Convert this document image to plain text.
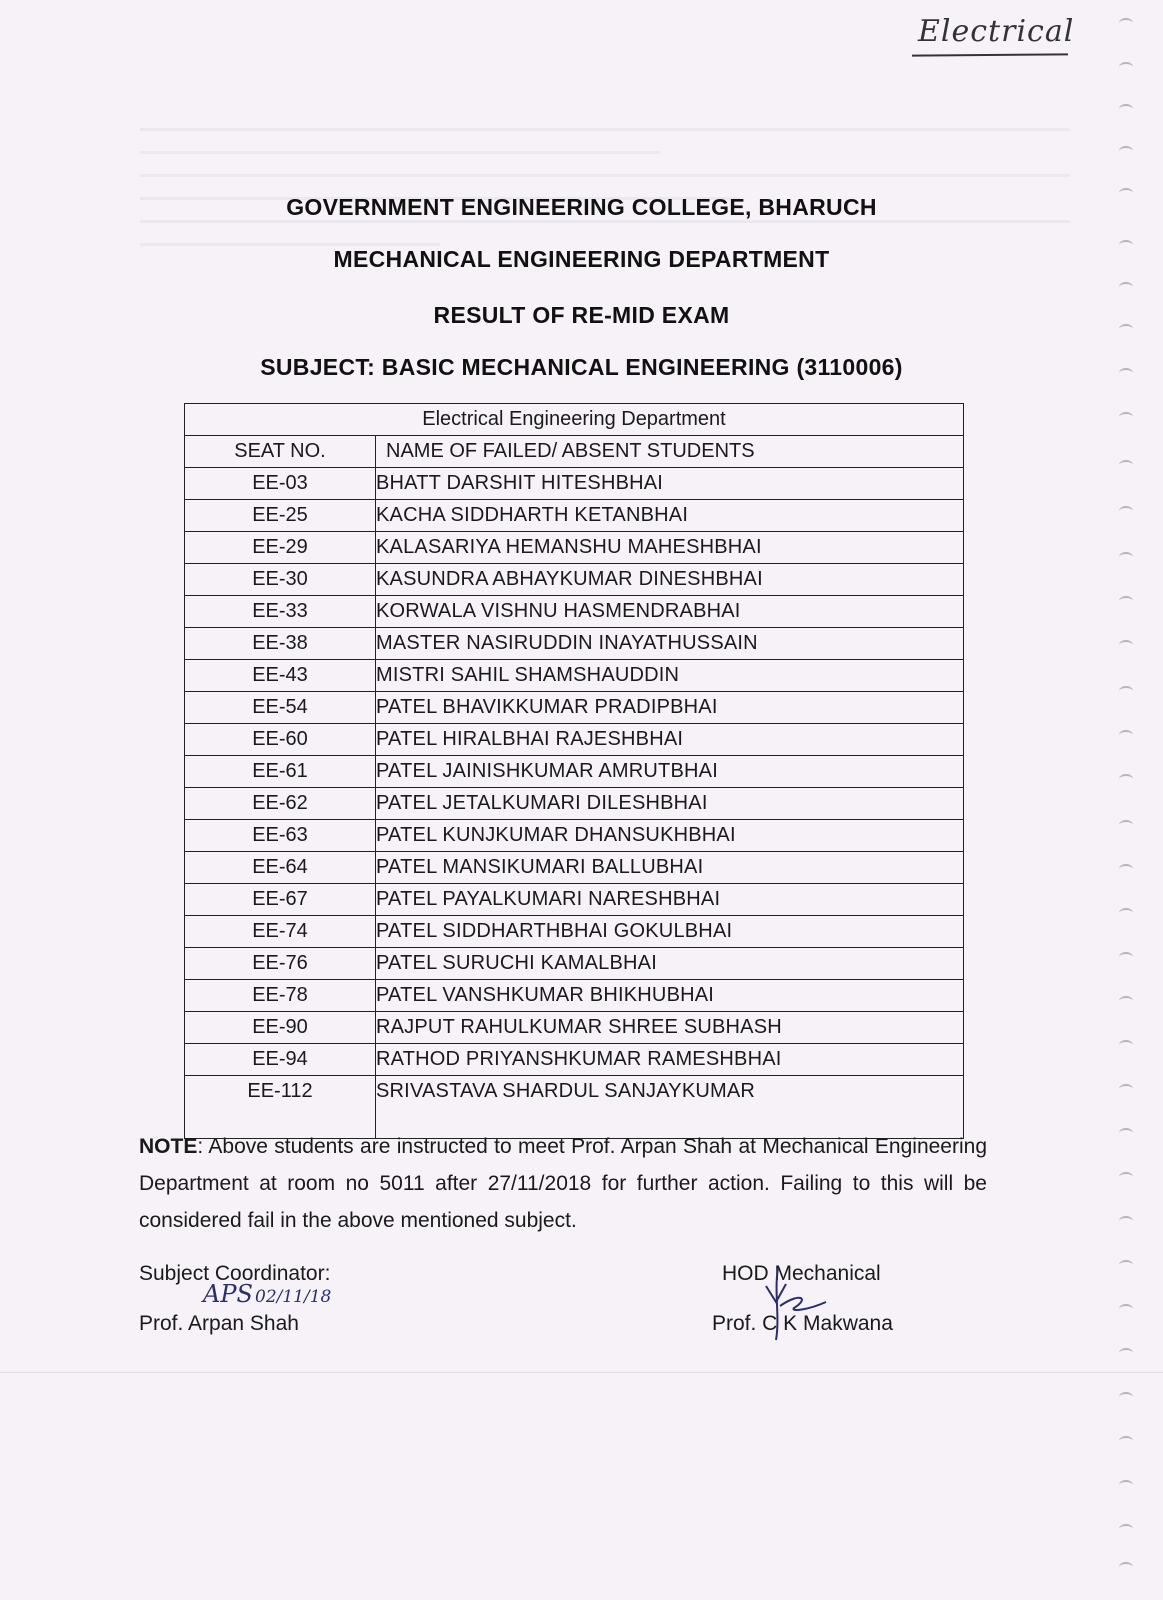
Electrical
GOVERNMENT ENGINEERING COLLEGE, BHARUCH
MECHANICAL ENGINEERING DEPARTMENT
RESULT OF RE-MID EXAM
SUBJECT: BASIC MECHANICAL ENGINEERING (3110006)
Electrical Engineering Department	
SEAT NO.	NAME OF FAILED/ ABSENT STUDENTS
EE-03	BHATT DARSHIT HITESHBHAI
EE-25	KACHA SIDDHARTH KETANBHAI
EE-29	KALASARIYA HEMANSHU MAHESHBHAI
EE-30	KASUNDRA ABHAYKUMAR DINESHBHAI
EE-33	KORWALA VISHNU HASMENDRABHAI
EE-38	MASTER NASIRUDDIN INAYATHUSSAIN
EE-43	MISTRI SAHIL SHAMSHAUDDIN
EE-54	PATEL BHAVIKKUMAR PRADIPBHAI
EE-60	PATEL HIRALBHAI RAJESHBHAI
EE-61	PATEL JAINISHKUMAR AMRUTBHAI
EE-62	PATEL JETALKUMARI DILESHBHAI
EE-63	PATEL KUNJKUMAR DHANSUKHBHAI
EE-64	PATEL MANSIKUMARI BALLUBHAI
EE-67	PATEL PAYALKUMARI NARESHBHAI
EE-74	PATEL SIDDHARTHBHAI GOKULBHAI
EE-76	PATEL SURUCHI KAMALBHAI
EE-78	PATEL VANSHKUMAR BHIKHUBHAI
EE-90	RAJPUT RAHULKUMAR SHREE SUBHASH
EE-94	RATHOD PRIYANSHKUMAR RAMESHBHAI
EE-112	SRIVASTAVA SHARDUL SANJAYKUMAR
NOTE: Above students are instructed to meet Prof. Arpan Shah at Mechanical Engineering Department at room no 5011 after 27/11/2018 for further action. Failing to this will be considered fail in the above mentioned subject.
Subject Coordinator:
Prof. Arpan Shah
APS 02/11/18
HOD Mechanical
Prof. C K Makwana
